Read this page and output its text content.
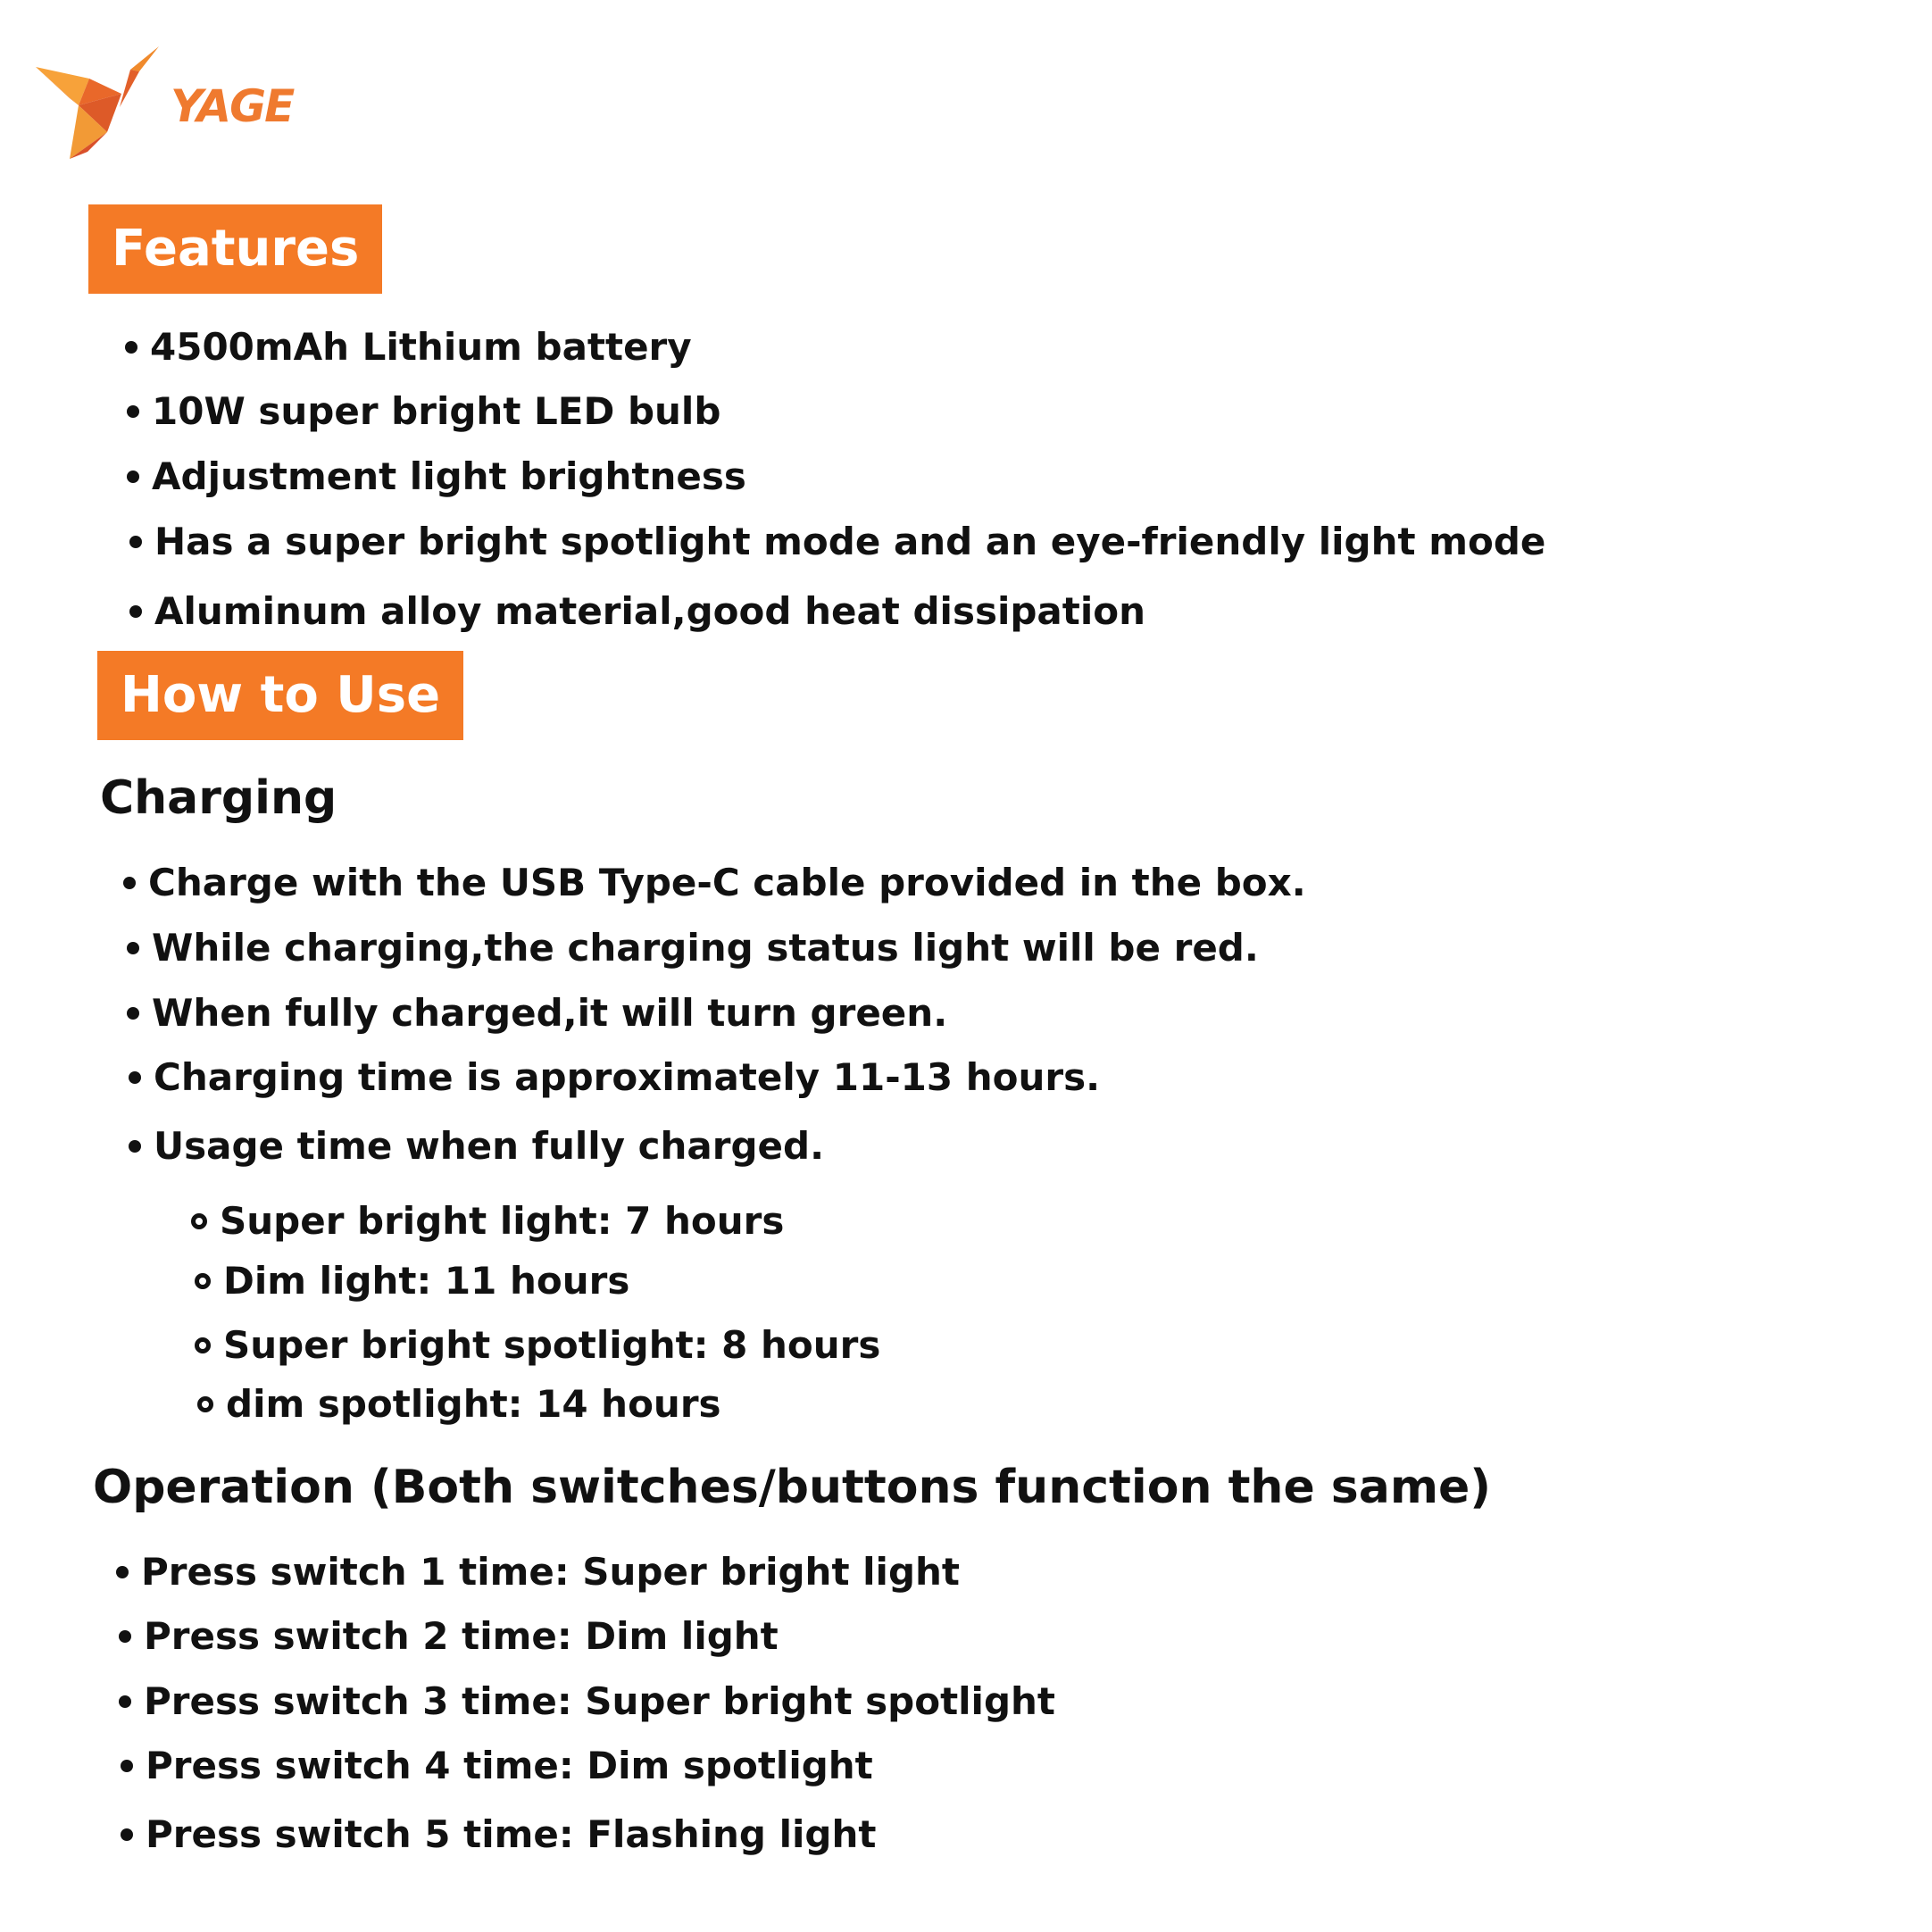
YAGE
Features
4500mAh Lithium battery
10W super bright LED bulb
Adjustment light brightness
Has a super bright spotlight mode and an eye-friendly light mode
Aluminum alloy material,good heat dissipation
How to Use
Charging
Charge with the USB Type-C cable provided in the box.
While charging,the charging status light will be red.
When fully charged,it will turn green.
Charging time is approximately 11-13 hours.
Usage time when fully charged.
Super bright light: 7 hours
Dim light: 11 hours
Super bright spotlight: 8 hours
dim spotlight: 14 hours
Operation (Both switches/buttons function the same)
Press switch 1 time: Super bright light
Press switch 2 time: Dim light
Press switch 3 time: Super bright spotlight
Press switch 4 time: Dim spotlight
Press switch 5 time: Flashing light
